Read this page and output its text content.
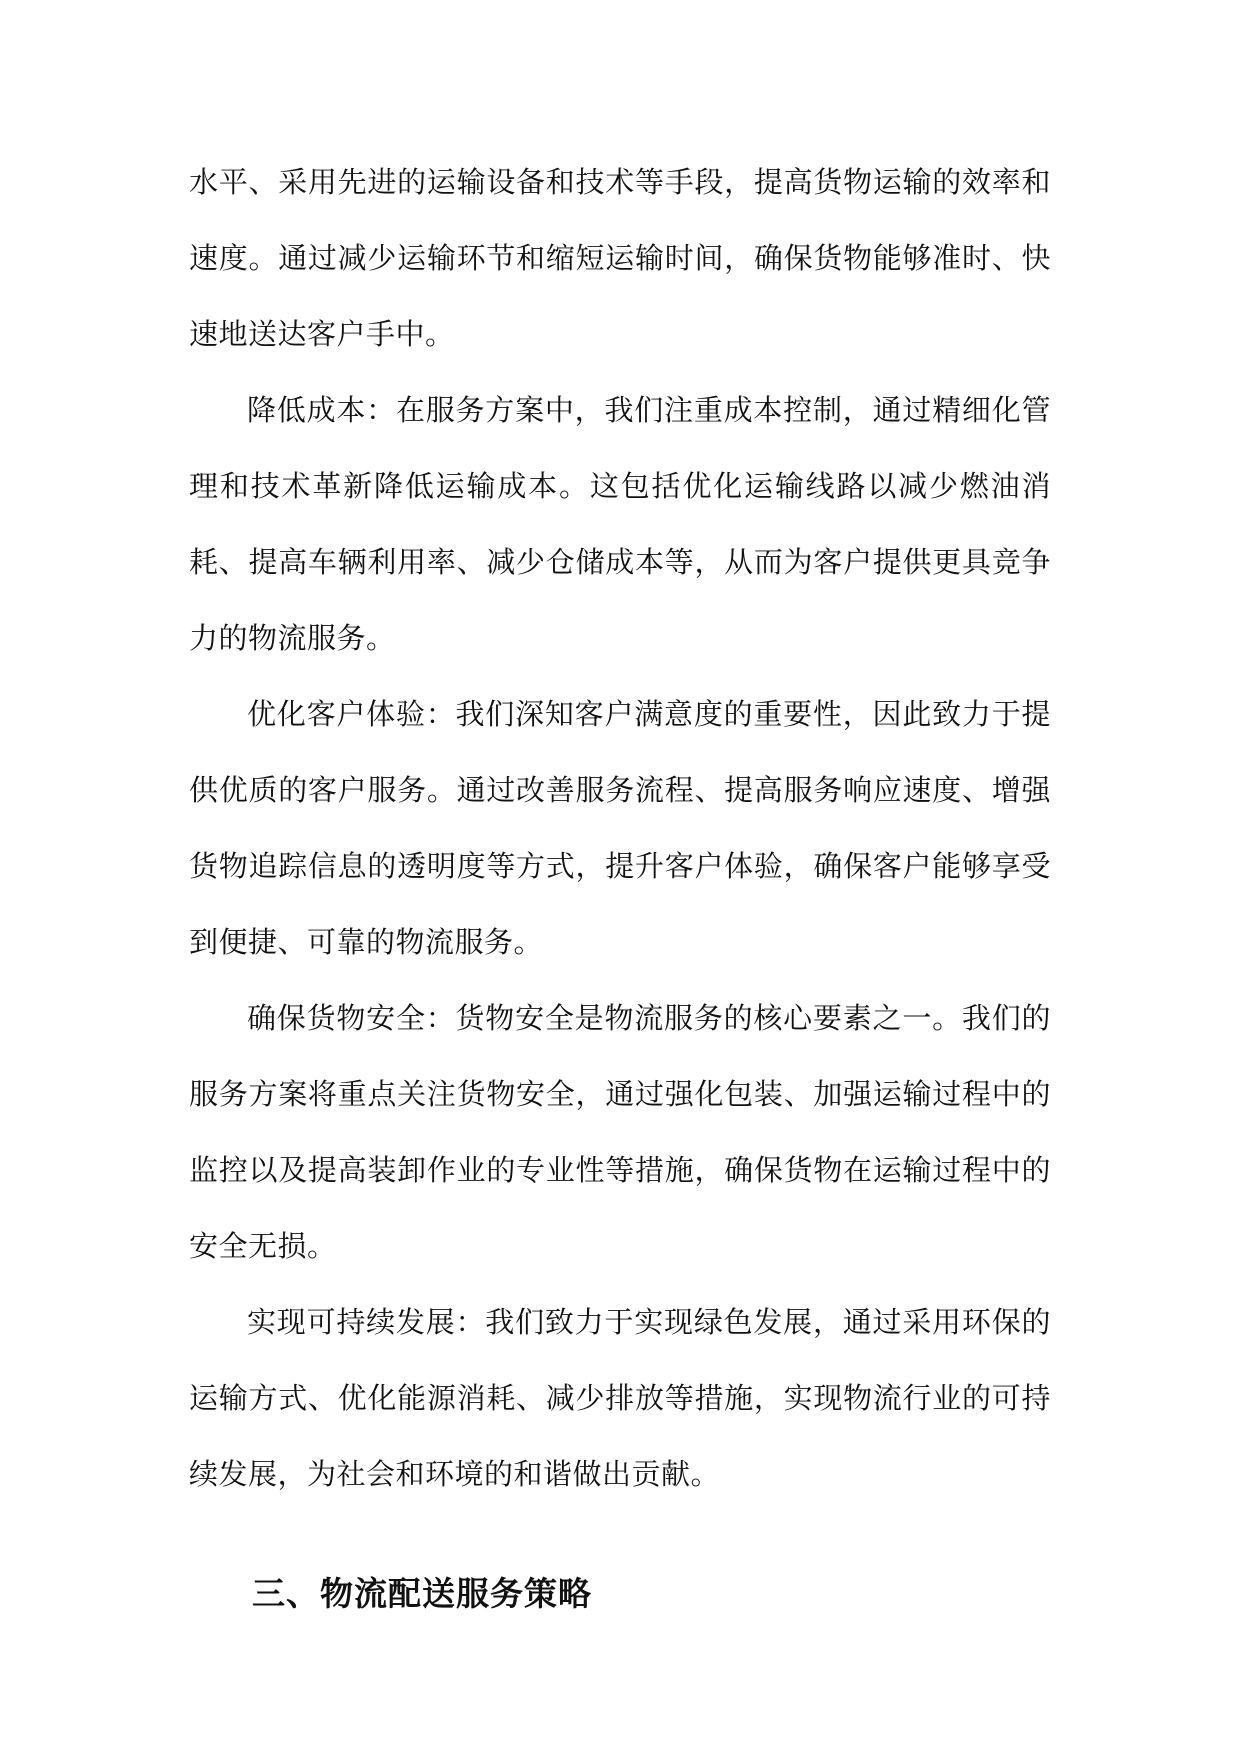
水平、采用先进的运输设备和技术等手段，提高货物运输的效率和速度。通过减少运输环节和缩短运输时间，确保货物能够准时、快速地送达客户手中。

降低成本：在服务方案中，我们注重成本控制，通过精细化管理和技术革新降低运输成本。这包括优化运输线路以减少燃油消耗、提高车辆利用率、减少仓储成本等，从而为客户提供更具竞争力的物流服务。

优化客户体验：我们深知客户满意度的重要性，因此致力于提供优质的客户服务。通过改善服务流程、提高服务响应速度、增强货物追踪信息的透明度等方式，提升客户体验，确保客户能够享受到便捷、可靠的物流服务。

确保货物安全：货物安全是物流服务的核心要素之一。我们的服务方案将重点关注货物安全，通过强化包装、加强运输过程中的监控以及提高装卸作业的专业性等措施，确保货物在运输过程中的安全无损。

实现可持续发展：我们致力于实现绿色发展，通过采用环保的运输方式、优化能源消耗、减少排放等措施，实现物流行业的可持续发展，为社会和环境的和谐做出贡献。

三、物流配送服务策略
